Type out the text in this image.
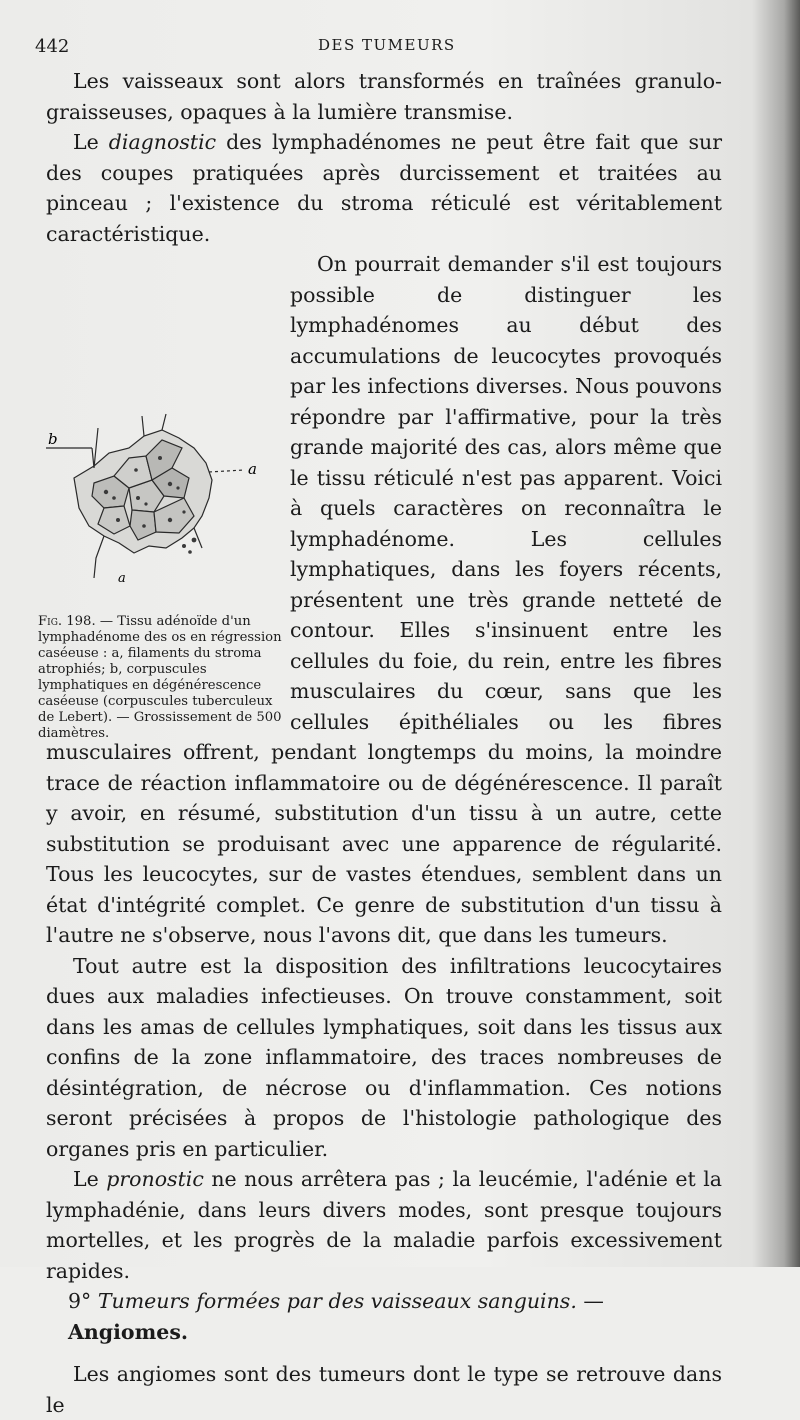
442	DES TUMEURS

Les vaisseaux sont alors transformés en traînées granulo-graisseuses, opaques à la lumière transmise.

Le diagnostic des lymphadénomes ne peut être fait que sur des coupes pratiquées après durcissement et traitées au pinceau ; l'existence du stroma réticulé est véritablement caractéristique.

On pourrait demander s'il est toujours possible de distinguer les lymphadénomes au début des accumulations de leucocytes provoqués par les infections diverses. Nous pouvons répondre par l'affirmative, pour la très grande majorité des cas, alors même que le tissu réticulé n'est pas apparent. Voici à quels caractères on reconnaîtra le lymphadénome. Les cellules lymphatiques, dans les foyers récents, présentent une très grande netteté de contour. Elles s'insinuent entre les cellules du foie, du rein, entre les fibres musculaires du cœur, sans que les cellules épithéliales ou les fibres musculaires offrent, pendant longtemps du moins, la moindre trace de réaction inflammatoire ou de dégénérescence. Il paraît y avoir, en résumé, substitution d'un tissu à un autre, cette substitution se produisant avec une apparence de régularité. Tous les leucocytes, sur de vastes étendues, semblent dans un état d'intégrité complet. Ce genre de substitution d'un tissu à l'autre ne s'observe, nous l'avons dit, que dans les tumeurs.

Tout autre est la disposition des infiltrations leucocytaires dues aux maladies infectieuses. On trouve constamment, soit dans les amas de cellules lymphatiques, soit dans les tissus aux confins de la zone inflammatoire, des traces nombreuses de désintégration, de nécrose ou d'inflammation. Ces notions seront précisées à propos de l'histologie pathologique des organes pris en particulier.

Le pronostic ne nous arrêtera pas ; la leucémie, l'adénie et la lymphadénie, dans leurs divers modes, sont presque toujours mortelles, et les progrès de la maladie parfois excessivement rapides.

9° Tumeurs formées par des vaisseaux sanguins. — Angiomes.

Les angiomes sont des tumeurs dont le type se retrouve dans le

b
a
a
Fig. 198. — Tissu adénoïde d'un lymphadénome des os en régression caséeuse : a, filaments du stroma atrophiés; b, corpuscules lymphatiques en dégénérescence caséeuse (corpuscules tuberculeux de Lebert). — Grossissement de 500 diamètres.
